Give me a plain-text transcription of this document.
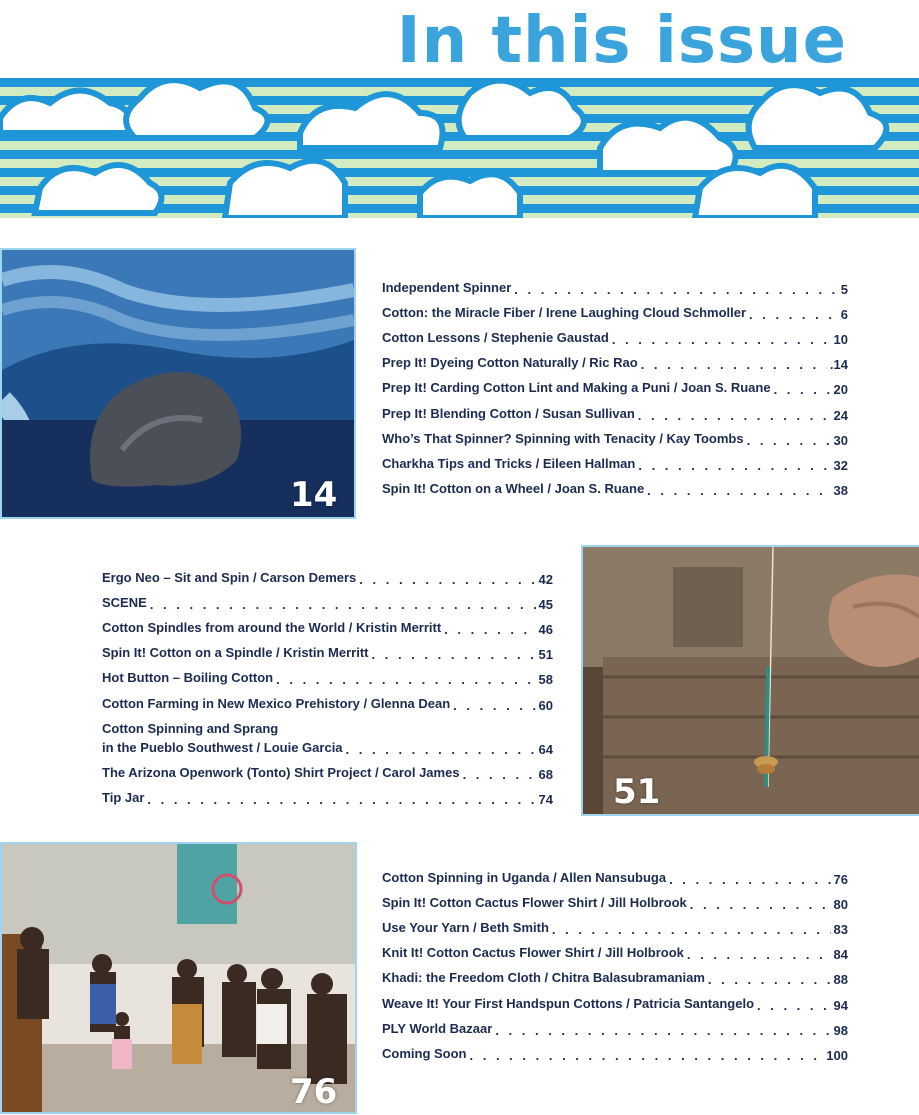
In this issue
14
Independent Spinner . . .	5
Cotton: the Miracle Fiber / Irene Laughing Cloud Schmoller . . .	6
Cotton Lessons / Stephenie Gaustad . . .	10
Prep It! Dyeing Cotton Naturally / Ric Rao . . .	.14
Prep It! Carding Cotton Lint and Making a Puni / Joan S. Ruane . . .	20
Prep It! Blending Cotton / Susan Sullivan . . .	24
Who’s That Spinner? Spinning with Tenacity / Kay Toombs . . .	30
Charkha Tips and Tricks / Eileen Hallman . . .	32
Spin It! Cotton on a Wheel / Joan S. Ruane . . .	38
Ergo Neo – Sit and Spin / Carson Demers . . .	42
SCENE . . .	45
Cotton Spindles from around the World / Kristin Merritt . . .	46
Spin It! Cotton on a Spindle / Kristin Merritt . . .	51
Hot Button – Boiling Cotton . . .	58
Cotton Farming in New Mexico Prehistory / Glenna Dean . . .	60
Cotton Spinning and Sprang
in the Pueblo Southwest / Louie Garcia . . .	64
The Arizona Openwork (Tonto) Shirt Project / Carol James . . .	68
Tip Jar . . .	74 51
76
Cotton Spinning in Uganda / Allen Nansubuga . . .	76
Spin It! Cotton Cactus Flower Shirt / Jill Holbrook . . .	80
Use Your Yarn / Beth Smith . . .	83
Knit It! Cotton Cactus Flower Shirt / Jill Holbrook . . .	84
Khadi: the Freedom Cloth / Chitra Balasubramaniam . . .	88
Weave It! Your First Handspun Cottons / Patricia Santangelo . . .	94
PLY World Bazaar . . .	98
Coming Soon . . .	100
